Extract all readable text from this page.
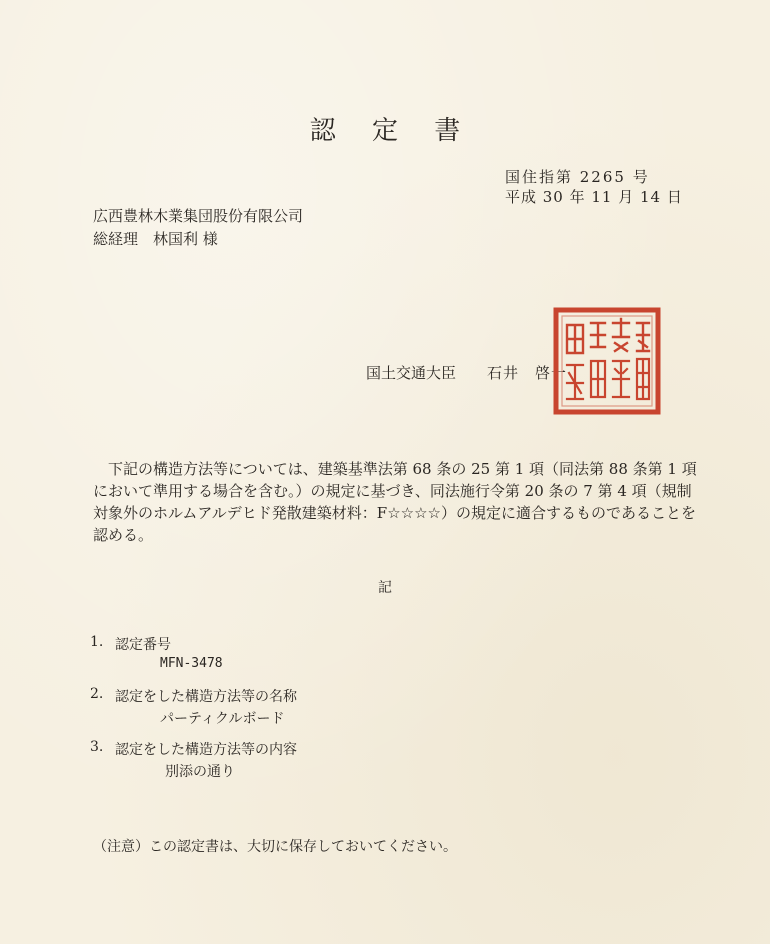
認 定 書
国住指第 2265 号
平成 30 年 11 月 14 日
広西豊林木業集団股份有限公司
総経理　林国利 様
国土交通大臣 石井　啓一
下記の構造方法等については、建築基準法第 68 条の 25 第 1 項（同法第 88 条第 1 項において準用する場合を含む。）の規定に基づき、同法施行令第 20 条の 7 第 4 項（規制対象外のホルムアルデヒド発散建築材料：F☆☆☆☆）の規定に適合するものであることを認める。
記
1. 認定番号
MFN-3478
2. 認定をした構造方法等の名称
パーティクルボード
3. 認定をした構造方法等の内容
別添の通り
（注意）この認定書は、大切に保存しておいてください。
